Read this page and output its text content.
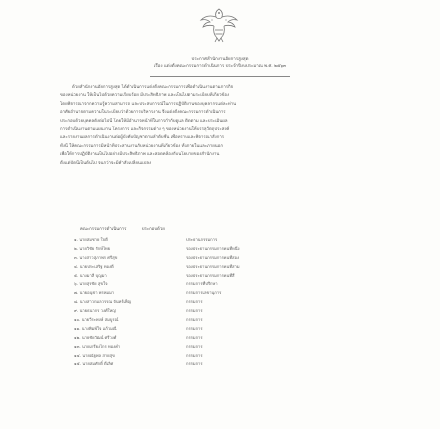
ประกาศสำนักงานอัยการสูงสุด
เรื่อง แต่งตั้งคณะกรรมการดำเนินการ ประจำปีงบประมาณ พ.ศ. ๒๕๖๓

ด้วยสำนักงานอัยการสูงสุด ได้ดำเนินการแต่งตั้งคณะกรรมการเพื่อดำเนินงานตามภารกิจ

ของหน่วยงาน ให้เป็นไปด้วยความเรียบร้อย มีประสิทธิภาพ และเป็นไปตามระเบียบที่เกี่ยวข้อง

โดยพิจารณาจากความรู้ความสามารถ และประสบการณ์ในการปฏิบัติงานของบุคลากรแต่ละท่าน

อาศัยอำนาจตามความในระเบียบว่าด้วยการบริหารงาน จึงแต่งตั้งคณะกรรมการดำเนินการ

ประกอบด้วยบุคคลดังต่อไปนี้ โดยให้มีอำนาจหน้าที่ในการกำกับดูแล ติดตาม และประเมินผล

การดำเนินงานตามแผนงาน โครงการ และกิจกรรมต่าง ๆ ของหน่วยงานให้บรรลุวัตถุประสงค์

และรายงานผลการดำเนินงานต่อผู้บังคับบัญชาตามลำดับชั้น เพื่อทราบและพิจารณาสั่งการ

ทั้งนี้ ให้คณะกรรมการมีหน้าที่ประสานงานกับหน่วยงานที่เกี่ยวข้อง ทั้งภายในและภายนอก

เพื่อให้การปฏิบัติงานเป็นไปอย่างมีประสิทธิภาพ และสอดคล้องกับนโยบายของสำนักงาน

ตั้งแต่บัดนี้เป็นต้นไป จนกว่าจะมีคำสั่งเปลี่ยนแปลง

คณะกรรมการดำเนินการ	ประกอบด้วย
๑. นายสมชาย ใจดี	ประธานกรรมการ
๒. นายวิชัย รักษ์ไทย	รองประธานกรรมการคนที่หนึ่ง
๓. นางสาวสุภาพร ศรีสุข	รองประธานกรรมการคนที่สอง
๔. นายประเสริฐ ทองดี	รองประธานกรรมการคนที่สาม
๕. นางมาลี บุญมา	รองประธานกรรมการคนที่สี่
๖. นายสุรชัย สุขใจ	กรรมการที่ปรึกษา
๗. นายอนุชา พรหมมา	กรรมการเลขานุการ
๘. นางสาวกมลวรรณ จันทร์เพ็ญ	กรรมการ
๙. นายธนากร วงศ์ใหญ่	กรรมการ
๑๐. นายวีระพงษ์ สมบูรณ์	กรรมการ
๑๑. นางพิมพ์ใจ แก้วมณี	กรรมการ
๑๒. นายชัยวัฒน์ ศรีวงศ์	กรรมการ
๑๓. นายเกรียงไกร ทองคำ	กรรมการ
๑๔. นายณัฐพล สายสุข	กรรมการ
๑๕. นายสมศักดิ์ ดีเลิศ	กรรมการ
